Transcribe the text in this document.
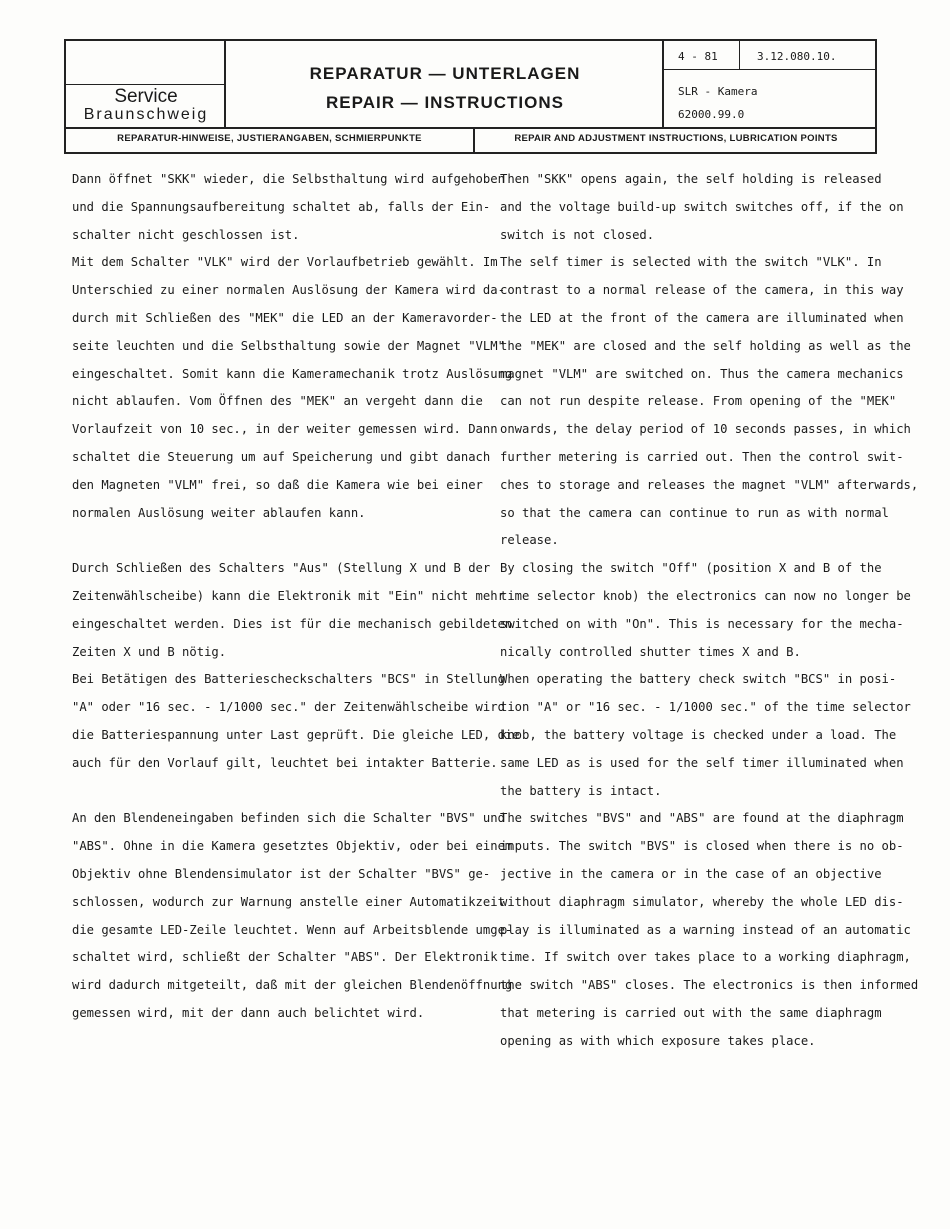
Service
Braunschweig
REPARATUR — UNTERLAGEN
REPAIR — INSTRUCTIONS
4 - 81	3.12.080.10.
SLR - Kamera
62000.99.0
REPARATUR-HINWEISE, JUSTIERANGABEN, SCHMIERPUNKTE	REPAIR AND ADJUSTMENT INSTRUCTIONS, LUBRICATION POINTS

Dann öffnet "SKK" wieder, die Selbsthaltung wird aufgehoben

und die Spannungsaufbereitung schaltet ab, falls der Ein-

schalter nicht geschlossen ist.

Mit dem Schalter "VLK" wird der Vorlaufbetrieb gewählt. Im

Unterschied zu einer normalen Auslösung der Kamera wird da-

durch mit Schließen des "MEK" die LED an der Kameravorder-

seite leuchten und die Selbsthaltung sowie der Magnet "VLM"

eingeschaltet. Somit kann die Kameramechanik trotz Auslösung

nicht ablaufen. Vom Öffnen des "MEK" an vergeht dann die

Vorlaufzeit von 10 sec., in der weiter gemessen wird. Dann

schaltet die Steuerung um auf Speicherung und gibt danach

den Magneten "VLM" frei, so daß die Kamera wie bei einer

normalen Auslösung weiter ablaufen kann.

Durch Schließen des Schalters "Aus" (Stellung X und B der

Zeitenwählscheibe) kann die Elektronik mit "Ein" nicht mehr

eingeschaltet werden. Dies ist für die mechanisch gebildeten

Zeiten X und B nötig.

Bei Betätigen des Batteriescheckschalters "BCS" in Stellung

"A" oder "16 sec. - 1/1000 sec." der Zeitenwählscheibe wird

die Batteriespannung unter Last geprüft. Die gleiche LED, die

auch für den Vorlauf gilt, leuchtet bei intakter Batterie.

An den Blendeneingaben befinden sich die Schalter "BVS" und

"ABS". Ohne in die Kamera gesetztes Objektiv, oder bei einem

Objektiv ohne Blendensimulator ist der Schalter "BVS" ge-

schlossen, wodurch zur Warnung anstelle einer Automatikzeit

die gesamte LED-Zeile leuchtet. Wenn auf Arbeitsblende umge-

schaltet wird, schließt der Schalter "ABS". Der Elektronik

wird dadurch mitgeteilt, daß mit der gleichen Blendenöffnung

gemessen wird, mit der dann auch belichtet wird.

Then "SKK" opens again, the self holding is released

and the voltage build-up switch switches off, if the on

switch is not closed.

The self timer is selected with the switch "VLK". In

contrast to a normal release of the camera, in this way

the LED at the front of the camera are illuminated when

the "MEK" are closed and the self holding as well as the

magnet "VLM" are switched on. Thus the camera mechanics

can not run despite release. From opening of the "MEK"

onwards, the delay period of 10 seconds passes, in which

further metering is carried out. Then the control swit-

ches to storage and releases the magnet "VLM" afterwards,

so that the camera can continue to run as with normal

release.

By closing the switch "Off" (position X and B of the

time selector knob) the electronics can now no longer be

switched on with "On". This is necessary for the mecha-

nically controlled shutter times X and B.

When operating the battery check switch "BCS" in posi-

tion "A" or "16 sec. - 1/1000 sec." of the time selector

knob, the battery voltage is checked under a load. The

same LED as is used for the self timer illuminated when

the battery is intact.

The switches "BVS" and "ABS" are found at the diaphragm

inputs. The switch "BVS" is closed when there is no ob-

jective in the camera or in the case of an objective

without diaphragm simulator, whereby the whole LED dis-

play is illuminated as a warning instead of an automatic

time. If switch over takes place to a working diaphragm,

the switch "ABS" closes. The electronics is then informed

that metering is carried out with the same diaphragm

opening as with which exposure takes place.
